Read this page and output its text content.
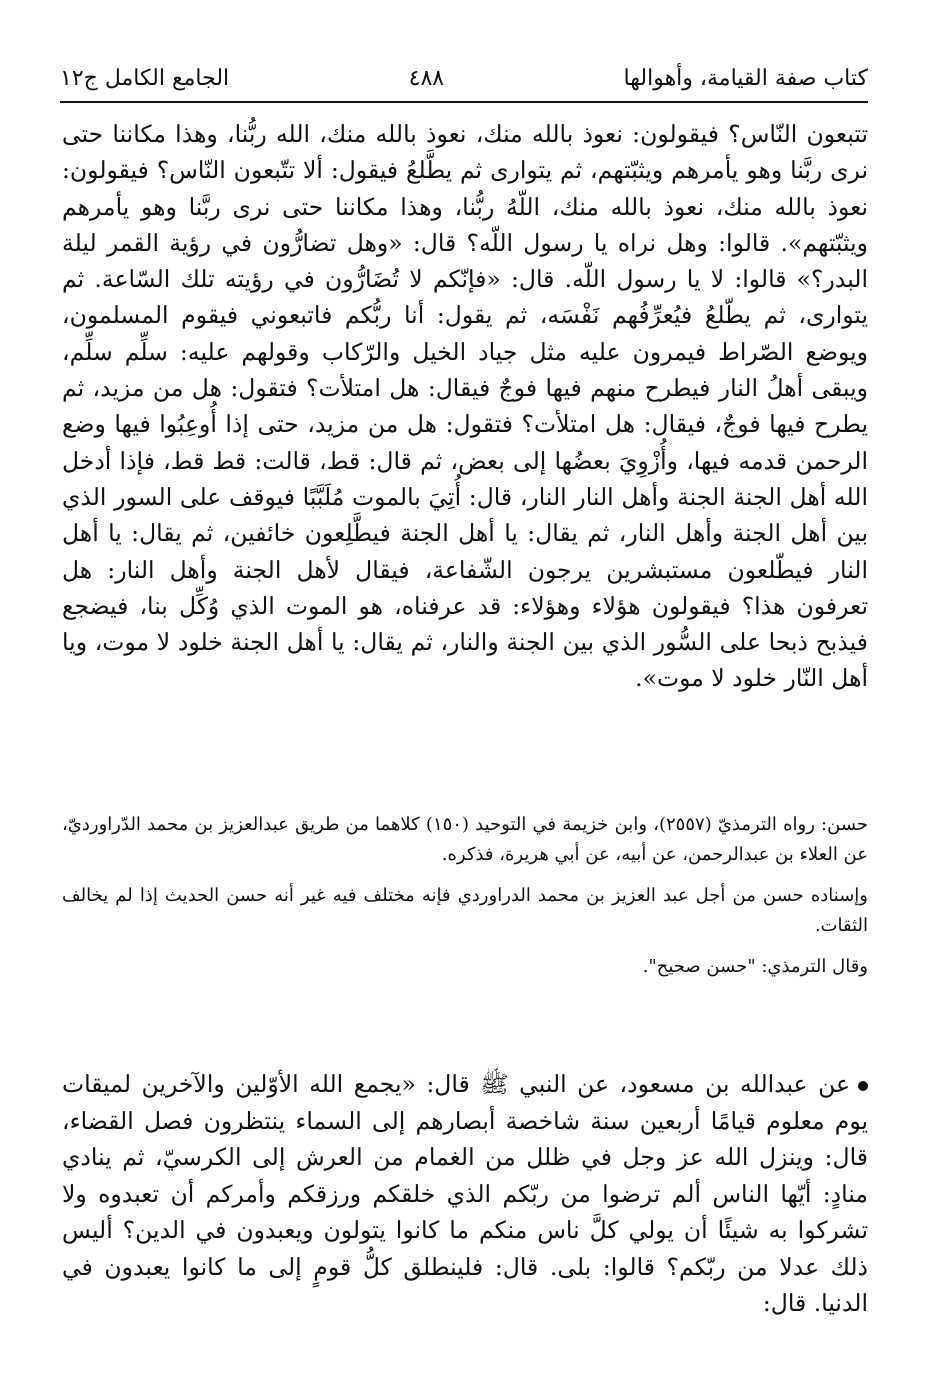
كتاب صفة القيامة، وأهوالها
٤٨٨
الجامع الكامل ج١٢

تتبعون النّاس؟ فيقولون: نعوذ بالله منك، نعوذ بالله منك، الله ربُّنا، وهذا مكاننا حتى نرى ربَّنا وهو يأمرهم ويثبّتهم، ثم يتوارى ثم يطَّلعُ فيقول: ألا تتّبعون النّاس؟ فيقولون: نعوذ بالله منك، نعوذ بالله منك، اللّهُ ربُّنا، وهذا مكاننا حتى نرى ربَّنا وهو يأمرهم ويثبّتهم». قالوا: وهل نراه يا رسول اللّه؟ قال: «وهل تضارُّون في رؤية القمر ليلة البدر؟» قالوا: لا يا رسول اللّه. قال: «فإنّكم لا تُضَارُّون في رؤيته تلك السّاعة. ثم يتوارى، ثم يطّلعُ فيُعرِّفُهم نَفْسَه، ثم يقول: أنا ربُّكم فاتبعوني فيقوم المسلمون، ويوضع الصّراط فيمرون عليه مثل جياد الخيل والرّكاب وقولهم عليه: سلِّم سلِّم، ويبقى أهلُ النار فيطرح منهم فيها فوجٌ فيقال: هل امتلأت؟ فتقول: هل من مزيد، ثم يطرح فيها فوجٌ، فيقال: هل امتلأت؟ فتقول: هل من مزيد، حتى إذا أُوعِبُوا فيها وضع الرحمن قدمه فيها، وأُزْوِيَ بعضُها إلى بعض، ثم قال: قط، قالت: قط قط، فإذا أدخل الله أهل الجنة الجنة وأهل النار النار، قال: أُتِيَ بالموت مُلَبَّبًا فيوقف على السور الذي بين أهل الجنة وأهل النار، ثم يقال: يا أهل الجنة فيطَّلِعون خائفين، ثم يقال: يا أهل النار فيطّلعون مستبشرين يرجون الشّفاعة، فيقال لأهل الجنة وأهل النار: هل تعرفون هذا؟ فيقولون هؤلاء وهؤلاء: قد عرفناه، هو الموت الذي وُكِّل بنا، فيضجع فيذبح ذبحا على السُّور الذي بين الجنة والنار، ثم يقال: يا أهل الجنة خلود لا موت، ويا أهل النّار خلود لا موت».

حسن: رواه الترمذيّ (٢٥٥٧)، وابن خزيمة في التوحيد (١٥٠) كلاهما من طريق عبدالعزيز بن محمد الدّراورديّ، عن العلاء بن عبدالرحمن، عن أبيه، عن أبي هريرة، فذكره.

وإسناده حسن من أجل عبد العزيز بن محمد الدراوردي فإنه مختلف فيه غير أنه حسن الحديث إذا لم يخالف الثقات.

وقال الترمذي: "حسن صحيح".

عن عبدالله بن مسعود، عن النبي ﷺ قال: «يجمع الله الأوّلين والآخرين لميقات يوم معلوم قيامًا أربعين سنة شاخصة أبصارهم إلى السماء ينتظرون فصل القضاء، قال: وينزل الله عز وجل في ظلل من الغمام من العرش إلى الكرسيّ، ثم ينادي منادٍ: أيّها الناس ألم ترضوا من ربّكم الذي خلقكم ورزقكم وأمركم أن تعبدوه ولا تشركوا به شيئًا أن يولي كلَّ ناس منكم ما كانوا يتولون ويعبدون في الدين؟ أليس ذلك عدلا من ربّكم؟ قالوا: بلى. قال: فلينطلق كلُّ قومٍ إلى ما كانوا يعبدون في الدنيا. قال:
